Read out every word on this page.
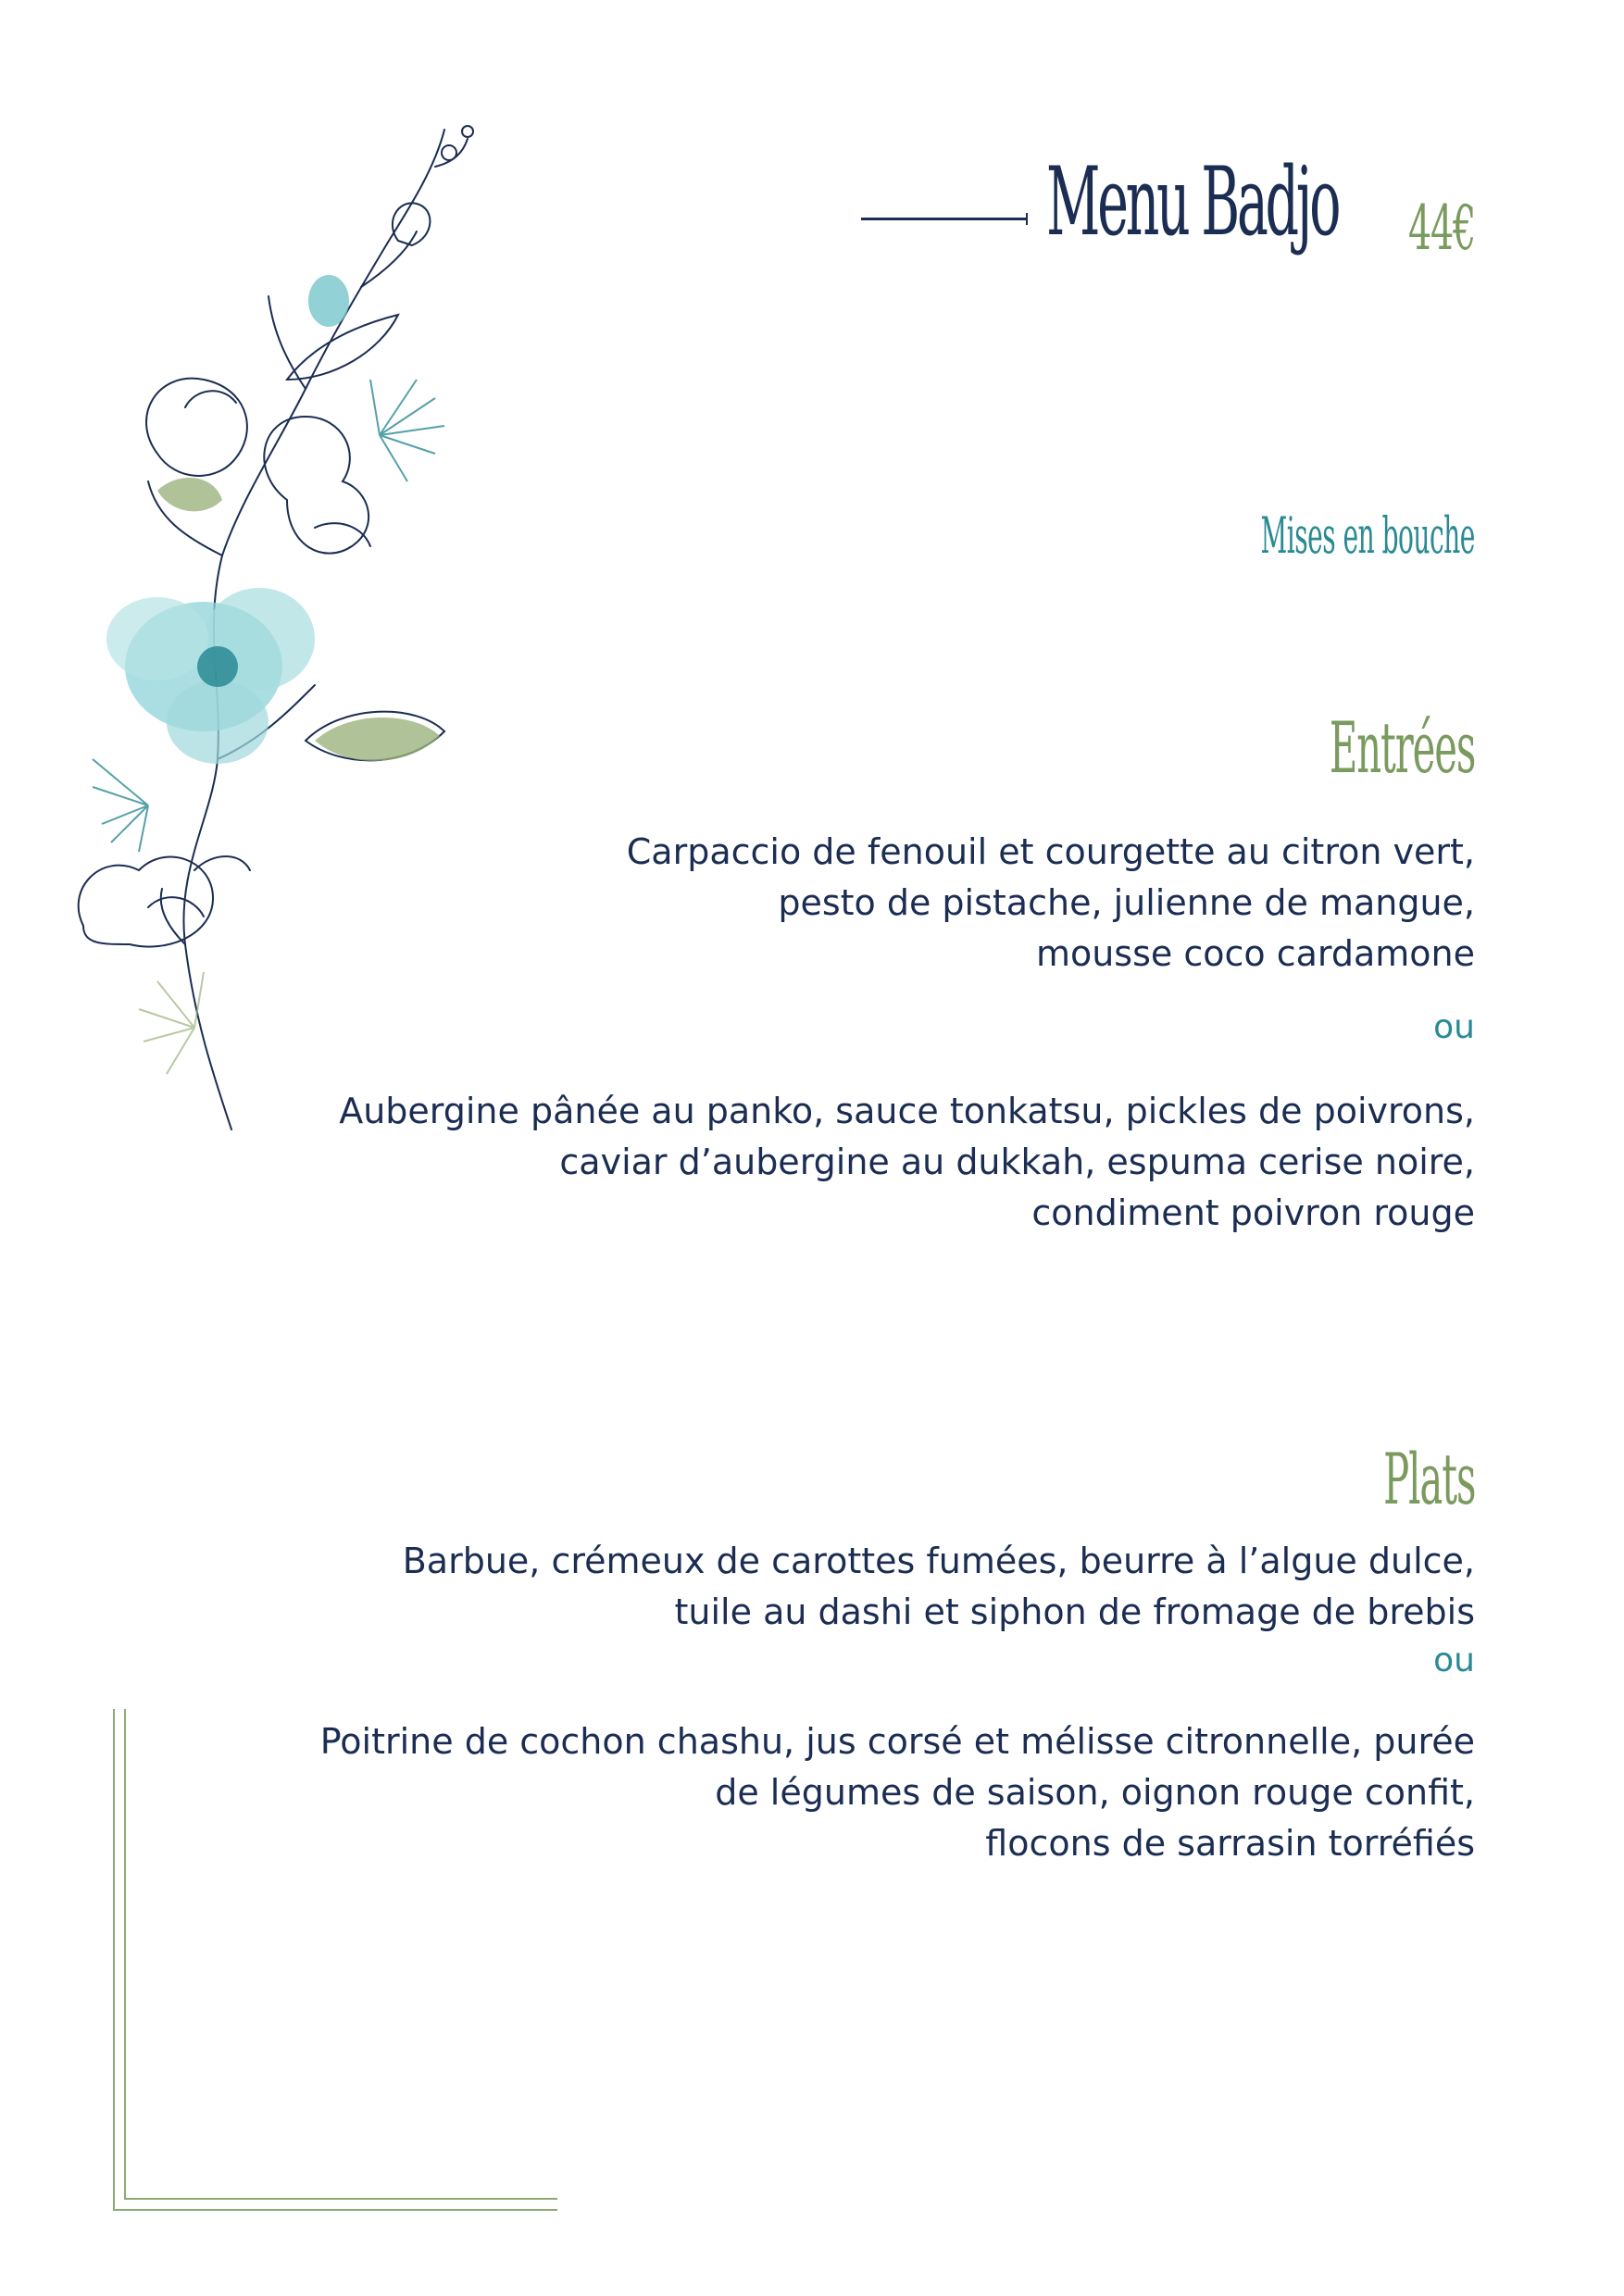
Menu Badjo 44€
Mises en bouche
Entrées
Carpaccio de fenouil et courgette au citron vert,
pesto de pistache, julienne de mangue,
mousse coco cardamone
ou
Aubergine pânée au panko, sauce tonkatsu, pickles de poivrons,
caviar d’aubergine au dukkah, espuma cerise noire,
condiment poivron rouge
Plats
Barbue, crémeux de carottes fumées, beurre à l’algue dulce,
tuile au dashi et siphon de fromage de brebis
ou
Poitrine de cochon chashu, jus corsé et mélisse citronnelle, purée
de légumes de saison, oignon rouge confit,
flocons de sarrasin torréfiés
